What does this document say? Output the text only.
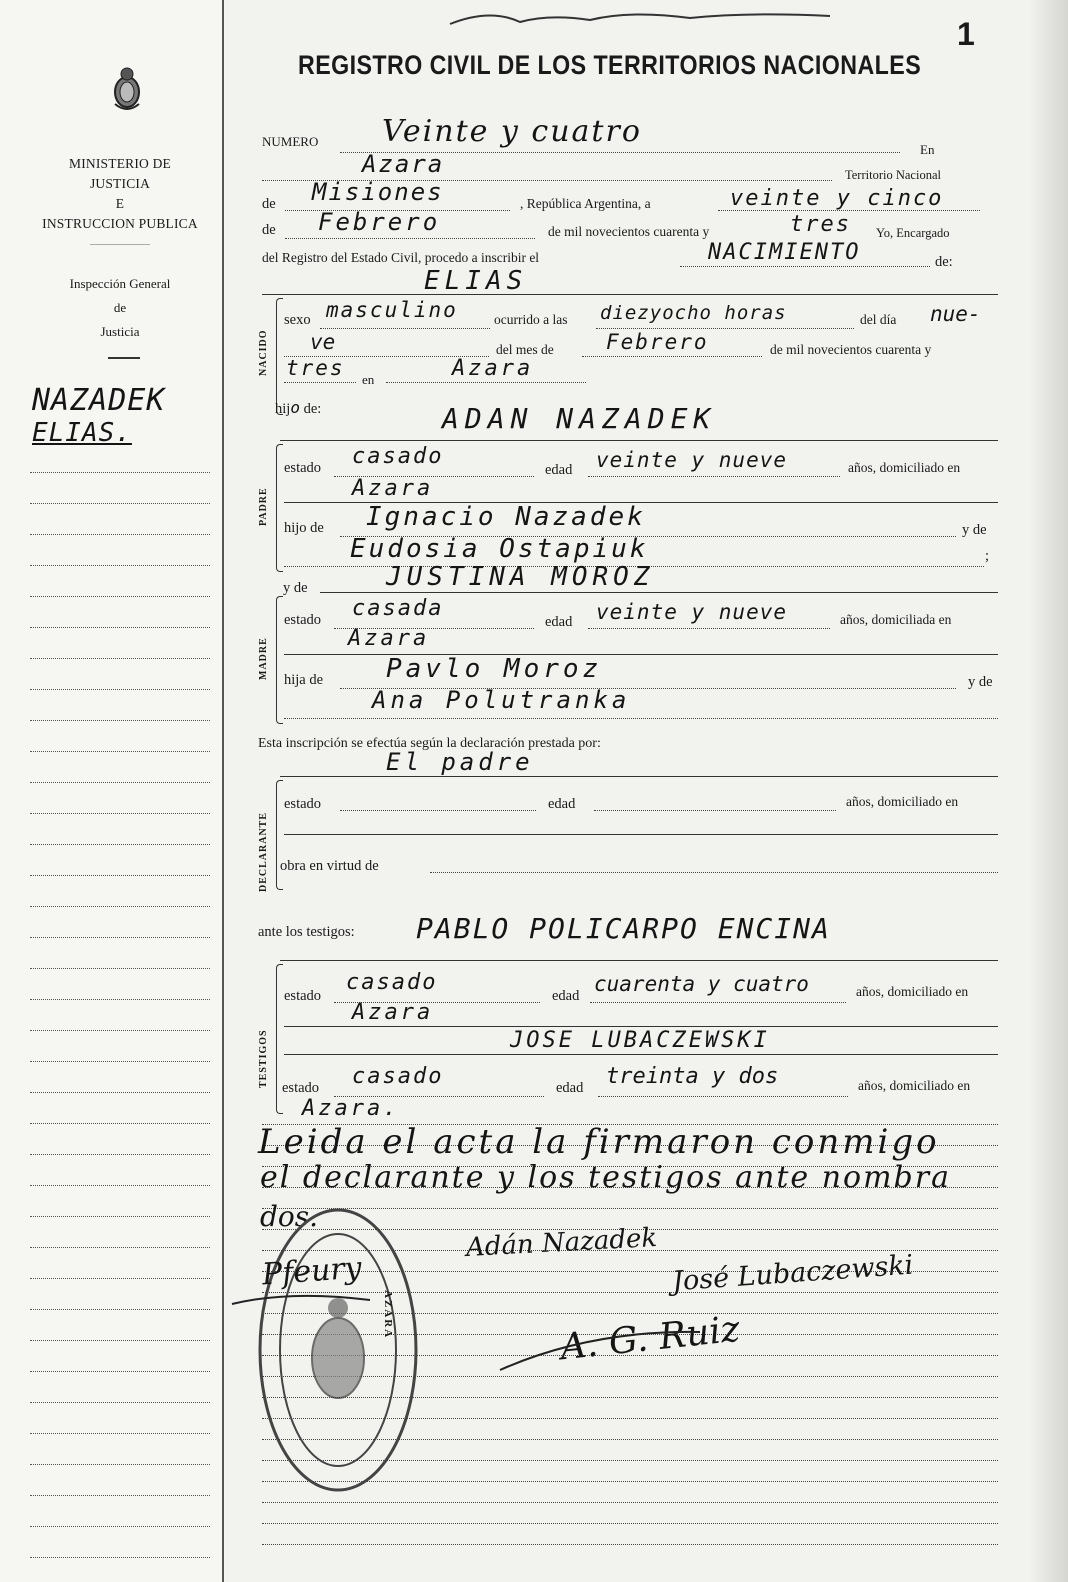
MINISTERIO DE JUSTICIA
E
INSTRUCCION PUBLICA
Inspección General
de
Justicia
NAZADEK
ELIAS.
1
REGISTRO CIVIL DE LOS TERRITORIOS NACIONALES
NUMERO Veinte y cuatro
En
Azara	Territorio Nacional
de Misiones	, República Argentina, a	veinte y cinco
de Febrero	de mil novecientos cuarenta y	tres Yo, Encargado
del Registro del Estado Civil, procedo a inscribir el	NACIMIENTO	de:
ELIAS
NACIDO
sexo masculino	ocurrido a las diezyocho horas	del día nue-
ve	del mes de Febrero	de mil novecientos cuarenta y
tres en	Azara
hijo de:	ADAN NAZADEK
PADRE
estado casado
edad veinte y nueve	años, domiciliado en
Azara
hijo de Ignacio Nazadek	y de
Eudosia Ostapiuk	;
y de	JUSTINA MOROZ
MADRE
estado casada
edad veinte y nueve	años, domiciliada en
Azara
hija de Pavlo Moroz	y de
Ana Polutranka
Esta inscripción se efectúa según la declaración prestada por:
El padre
DECLARANTE
estado	edad	años, domiciliado en
obra en virtud de
ante los testigos: PABLO POLICARPO ENCINA
TESTIGOS
estado
casado
edad cuarenta y cuatro	años, domiciliado en
Azara
JOSE LUBACZEWSKI
estado casado	edad treinta y dos	años, domiciliado en
Azara.
Leida el acta la firmaron conmigo
el declarante y los testigos ante nombra
dos.
AZARA
Adán Nazadek
José Lubaczewski
Pfeury
A. G. Ruiz
